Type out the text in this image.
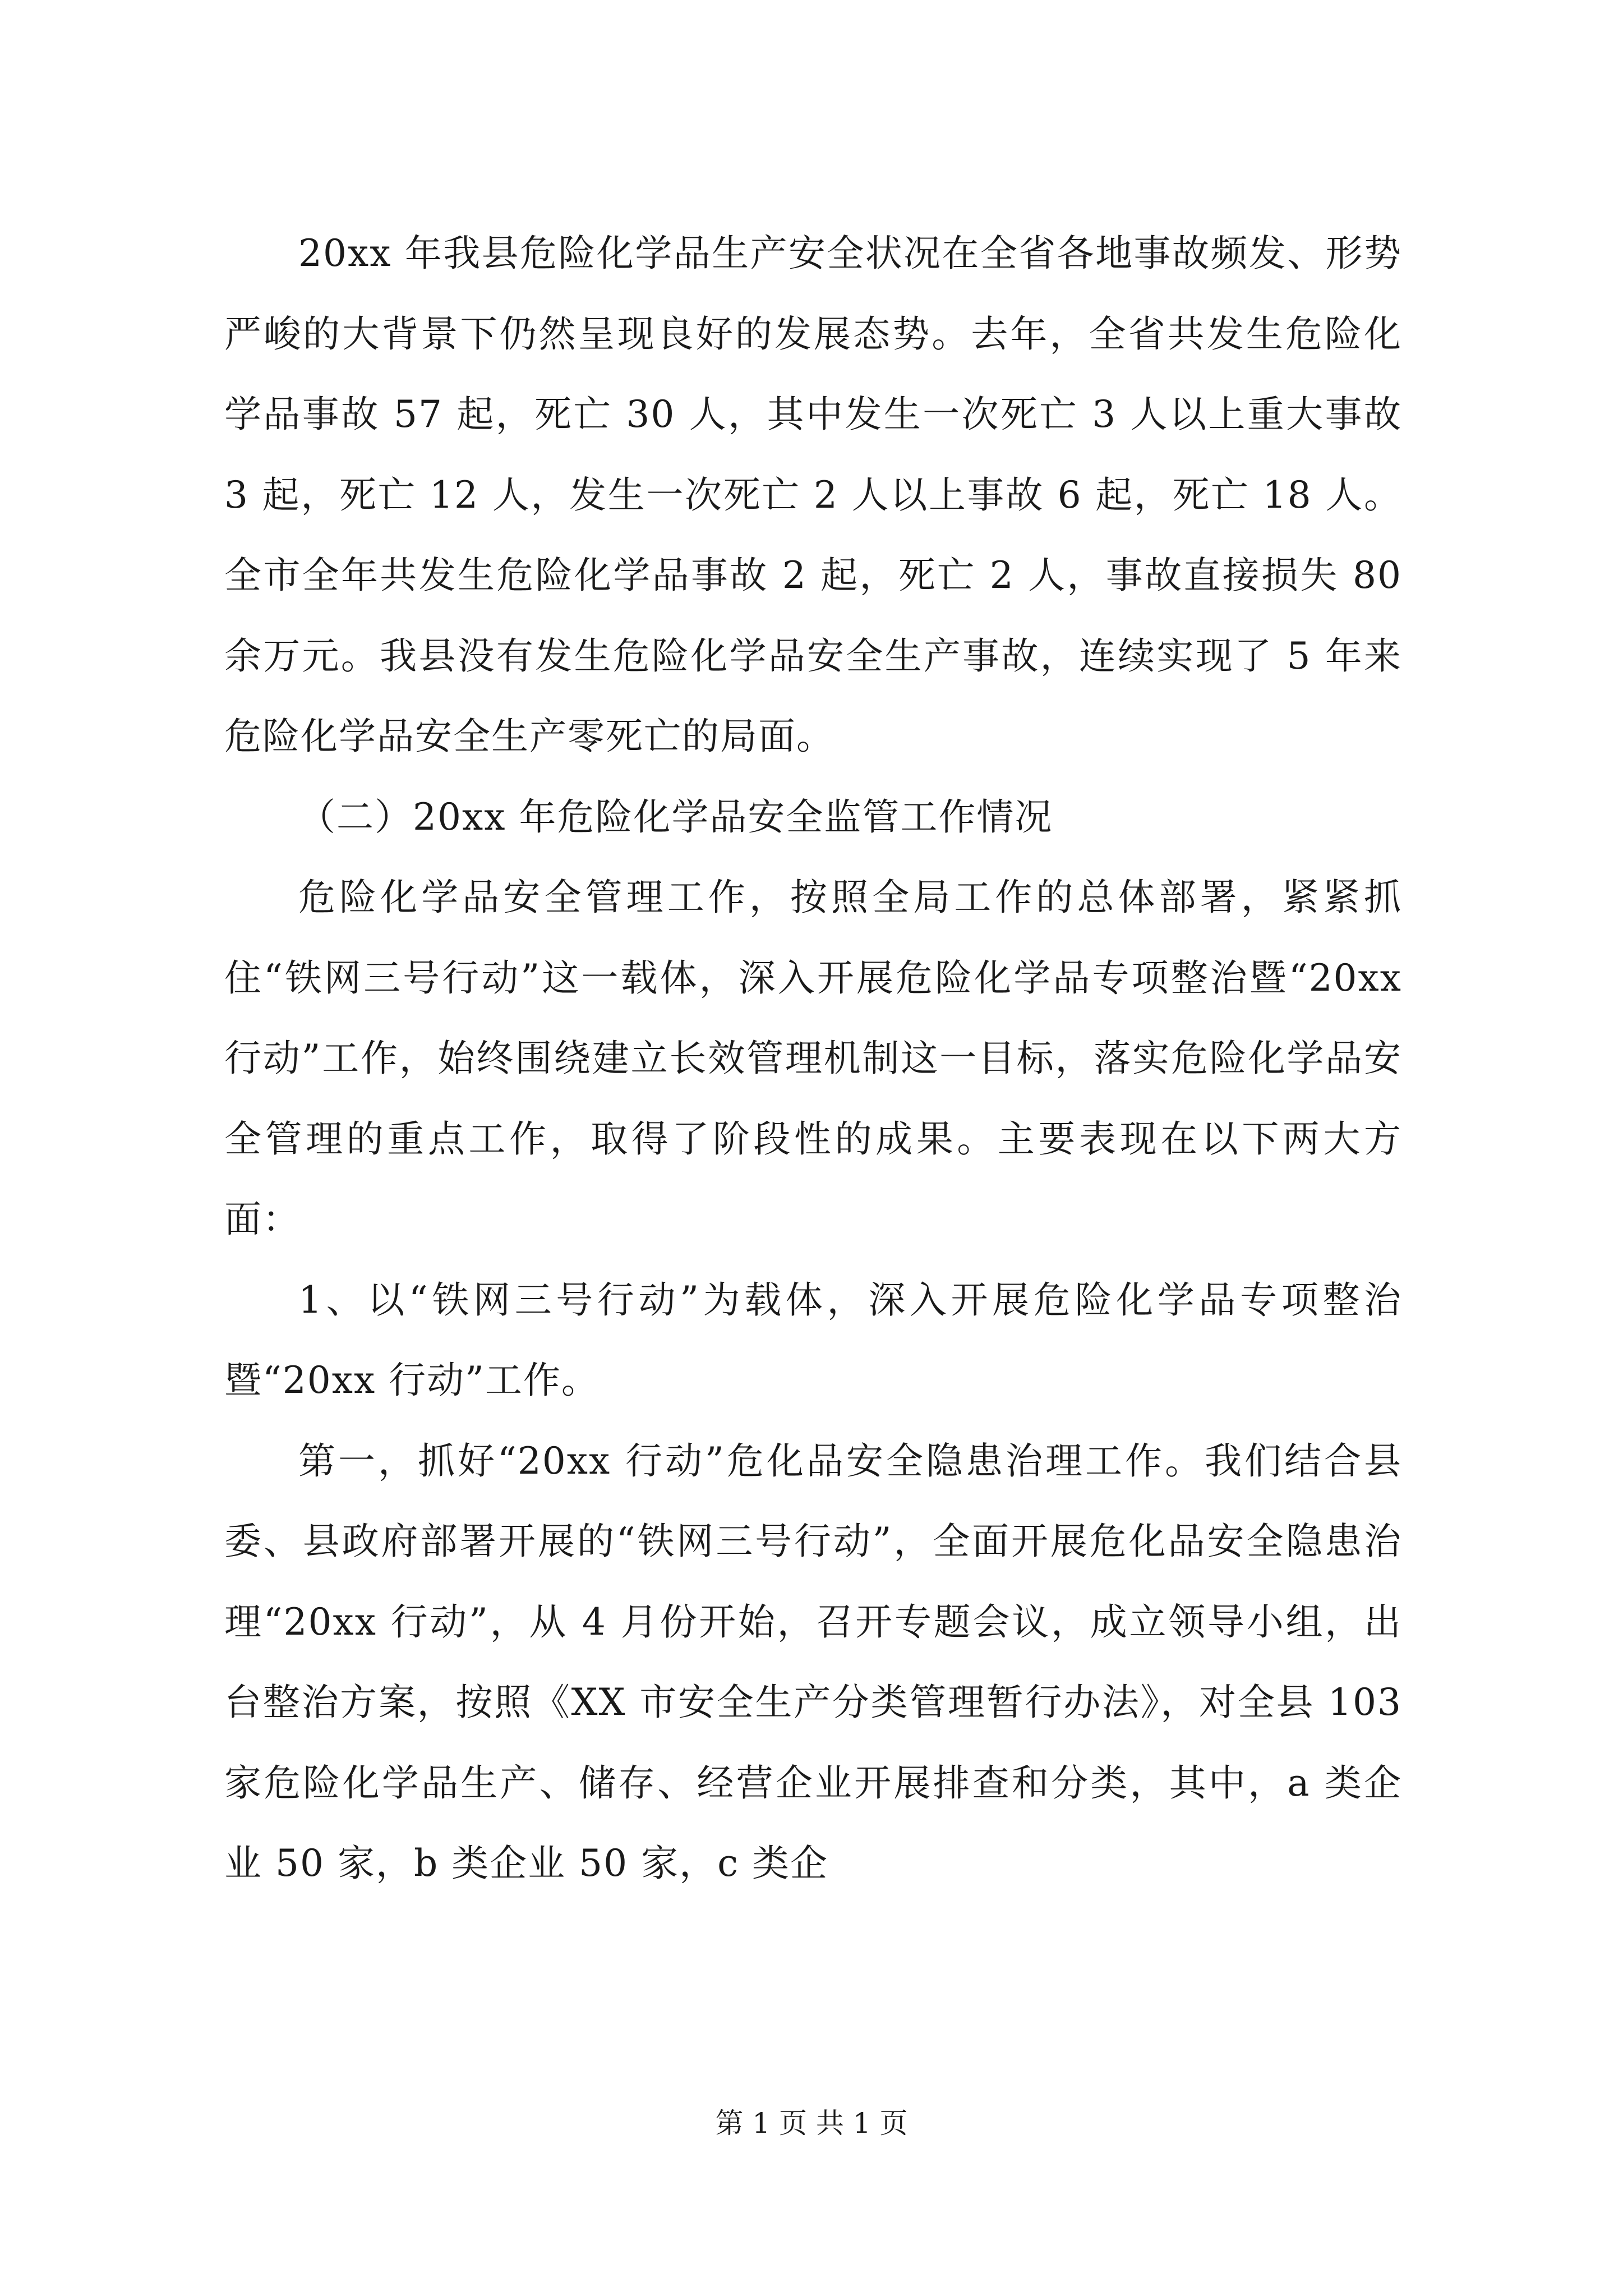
20xx 年我县危险化学品生产安全状况在全省各地事故频发、形势严峻的大背景下仍然呈现良好的发展态势。去年，全省共发生危险化学品事故 57 起，死亡 30 人，其中发生一次死亡 3 人以上重大事故 3 起，死亡 12 人，发生一次死亡 2 人以上事故 6 起，死亡 18 人。全市全年共发生危险化学品事故 2 起，死亡 2 人，事故直接损失 80 余万元。我县没有发生危险化学品安全生产事故，连续实现了 5 年来危险化学品安全生产零死亡的局面。

（二）20xx 年危险化学品安全监管工作情况

危险化学品安全管理工作，按照全局工作的总体部署，紧紧抓住“铁网三号行动”这一载体，深入开展危险化学品专项整治暨“20xx 行动”工作，始终围绕建立长效管理机制这一目标，落实危险化学品安全管理的重点工作，取得了阶段性的成果。主要表现在以下两大方面：

1、以“铁网三号行动”为载体，深入开展危险化学品专项整治暨“20xx 行动”工作。

第一，抓好“20xx 行动”危化品安全隐患治理工作。我们结合县委、县政府部署开展的“铁网三号行动”，全面开展危化品安全隐患治理“20xx 行动”，从 4 月份开始，召开专题会议，成立领导小组，出台整治方案，按照《XX 市安全生产分类管理暂行办法》，对全县 103 家危险化学品生产、储存、经营企业开展排查和分类，其中，a 类企业 50 家，b 类企业 50 家，c 类企

第 1 页 共 1 页
